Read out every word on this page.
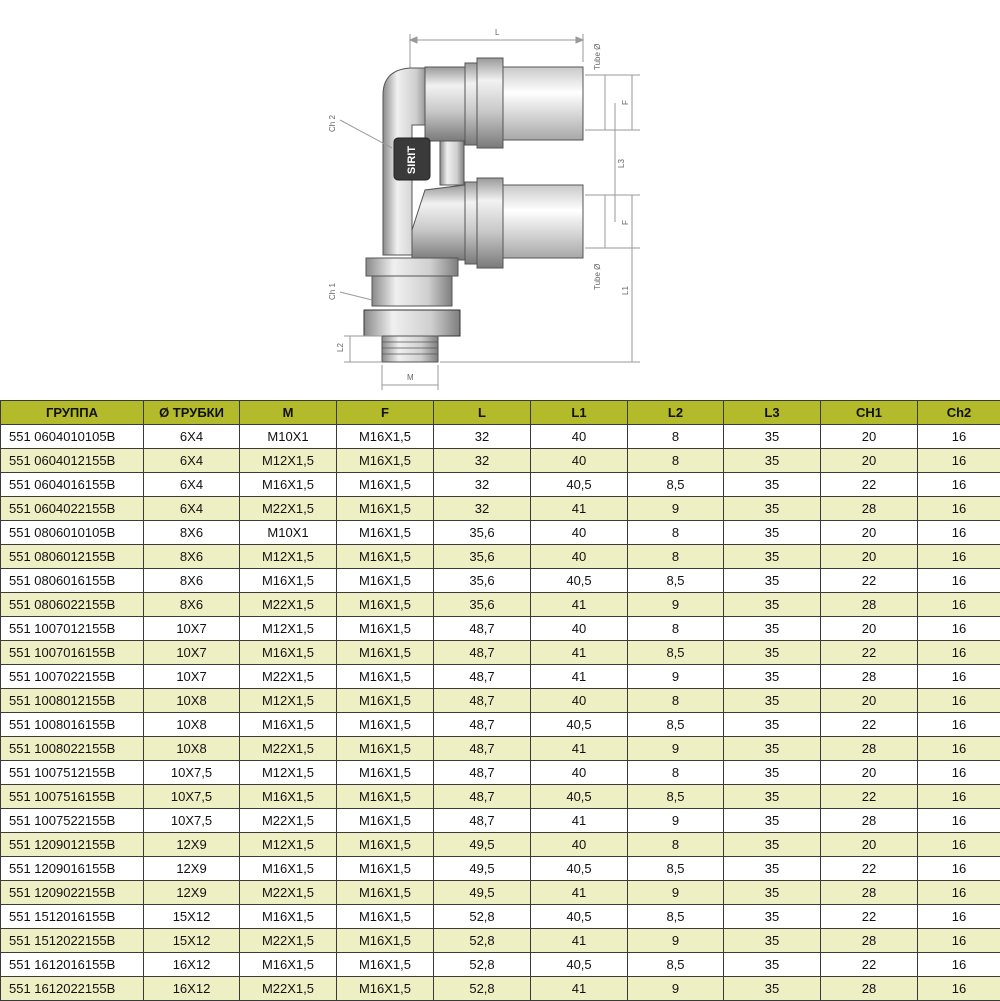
L
SIRIT
Tube Ø
F
F
L3
Tube Ø
L1
Ch 2
Ch 1
L2
M
ГРУППА	Ø ТРУБКИ	M	F	L	L1	L2	L3	CH1	Ch2
551 0604010105B	6X4	M10X1	M16X1,5	32	40	8	35	20	16
551 0604012155B	6X4	M12X1,5	M16X1,5	32	40	8	35	20	16
551 0604016155B	6X4	M16X1,5	M16X1,5	32	40,5	8,5	35	22	16
551 0604022155B	6X4	M22X1,5	M16X1,5	32	41	9	35	28	16
551 0806010105B	8X6	M10X1	M16X1,5	35,6	40	8	35	20	16
551 0806012155B	8X6	M12X1,5	M16X1,5	35,6	40	8	35	20	16
551 0806016155B	8X6	M16X1,5	M16X1,5	35,6	40,5	8,5	35	22	16
551 0806022155B	8X6	M22X1,5	M16X1,5	35,6	41	9	35	28	16
551 1007012155B	10X7	M12X1,5	M16X1,5	48,7	40	8	35	20	16
551 1007016155B	10X7	M16X1,5	M16X1,5	48,7	41	8,5	35	22	16
551 1007022155B	10X7	M22X1,5	M16X1,5	48,7	41	9	35	28	16
551 1008012155B	10X8	M12X1,5	M16X1,5	48,7	40	8	35	20	16
551 1008016155B	10X8	M16X1,5	M16X1,5	48,7	40,5	8,5	35	22	16
551 1008022155B	10X8	M22X1,5	M16X1,5	48,7	41	9	35	28	16
551 1007512155B	10X7,5	M12X1,5	M16X1,5	48,7	40	8	35	20	16
551 1007516155B	10X7,5	M16X1,5	M16X1,5	48,7	40,5	8,5	35	22	16
551 1007522155B	10X7,5	M22X1,5	M16X1,5	48,7	41	9	35	28	16
551 1209012155B	12X9	M12X1,5	M16X1,5	49,5	40	8	35	20	16
551 1209016155B	12X9	M16X1,5	M16X1,5	49,5	40,5	8,5	35	22	16
551 1209022155B	12X9	M22X1,5	M16X1,5	49,5	41	9	35	28	16
551 1512016155B	15X12	M16X1,5	M16X1,5	52,8	40,5	8,5	35	22	16
551 1512022155B	15X12	M22X1,5	M16X1,5	52,8	41	9	35	28	16
551 1612016155B	16X12	M16X1,5	M16X1,5	52,8	40,5	8,5	35	22	16
551 1612022155B	16X12	M22X1,5	M16X1,5	52,8	41	9	35	28	16
